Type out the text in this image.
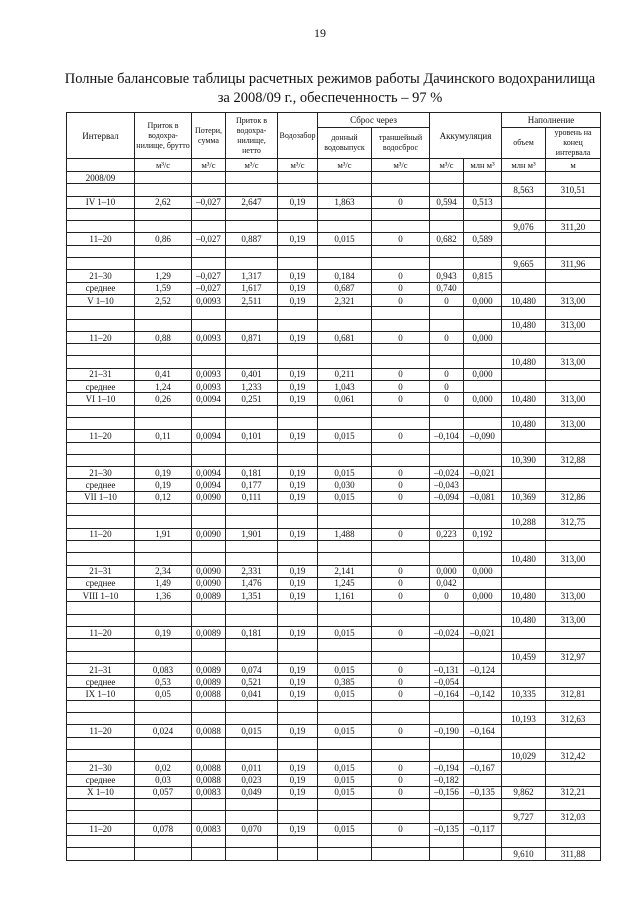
19
Полные балансовые таблицы расчетных режимов работы Дачинского водохранилища за 2008/09 г., обеспеченность – 97 %
Интервал	Приток в водохра-нилище, брутто	Потери, сумма	Приток в водохра-нилище, нетто	Водозабор	Сброс через		Аккумуляция		Наполнение	
					донный водовыпуск	траншейный водосброс			объем	уровень на конец интервала

	м³/с	м³/с	м³/с	м³/с	м³/с	м³/с	м³/с	млн м³	млн м³	м
2008/09										
									8,563	310,51
IV 1–10	2,62	–0,027	2,647	0,19	1,863	0	0,594	0,513		

									9,076	311,20
11–20	0,86	–0,027	0,887	0,19	0,015	0	0,682	0,589		

									9,665	311,96
21–30	1,29	–0,027	1,317	0,19	0,184	0	0,943	0,815		
среднее	1,59	–0,027	1,617	0,19	0,687	0	0,740			
V 1–10	2,52	0,0093	2,511	0,19	2,321	0	0	0,000	10,480	313,00

									10,480	313,00
11–20	0,88	0,0093	0,871	0,19	0,681	0	0	0,000		

									10,480	313,00
21–31	0,41	0,0093	0,401	0,19	0,211	0	0	0,000		
среднее	1,24	0,0093	1,233	0,19	1,043	0	0			
VI 1–10	0,26	0,0094	0,251	0,19	0,061	0	0	0,000	10,480	313,00

									10,480	313,00
11–20	0,11	0,0094	0,101	0,19	0,015	0	–0,104	–0,090		

									10,390	312,88
21–30	0,19	0,0094	0,181	0,19	0,015	0	–0,024	–0,021		
среднее	0,19	0,0094	0,177	0,19	0,030	0	–0,043			
VII 1–10	0,12	0,0090	0,111	0,19	0,015	0	–0,094	–0,081	10,369	312,86

									10,288	312,75
11–20	1,91	0,0090	1,901	0,19	1,488	0	0,223	0,192		

									10,480	313,00
21–31	2,34	0,0090	2,331	0,19	2,141	0	0,000	0,000		
среднее	1,49	0,0090	1,476	0,19	1,245	0	0,042			
VIII 1–10	1,36	0,0089	1,351	0,19	1,161	0	0	0,000	10,480	313,00

									10,480	313,00
11–20	0,19	0,0089	0,181	0,19	0,015	0	–0,024	–0,021		

									10,459	312,97
21–31	0,083	0,0089	0,074	0,19	0,015	0	–0,131	–0,124		
среднее	0,53	0,0089	0,521	0,19	0,385	0	–0,054			
IX 1–10	0,05	0,0088	0,041	0,19	0,015	0	–0,164	–0,142	10,335	312,81

									10,193	312,63
11–20	0,024	0,0088	0,015	0,19	0,015	0	–0,190	–0,164		

									10,029	312,42
21–30	0,02	0,0088	0,011	0,19	0,015	0	–0,194	–0,167		
среднее	0,03	0,0088	0,023	0,19	0,015	0	–0,182			
X 1–10	0,057	0,0083	0,049	0,19	0,015	0	–0,156	–0,135	9,862	312,21

									9,727	312,03
11–20	0,078	0,0083	0,070	0,19	0,015	0	–0,135	–0,117		

									9,610	311,88
